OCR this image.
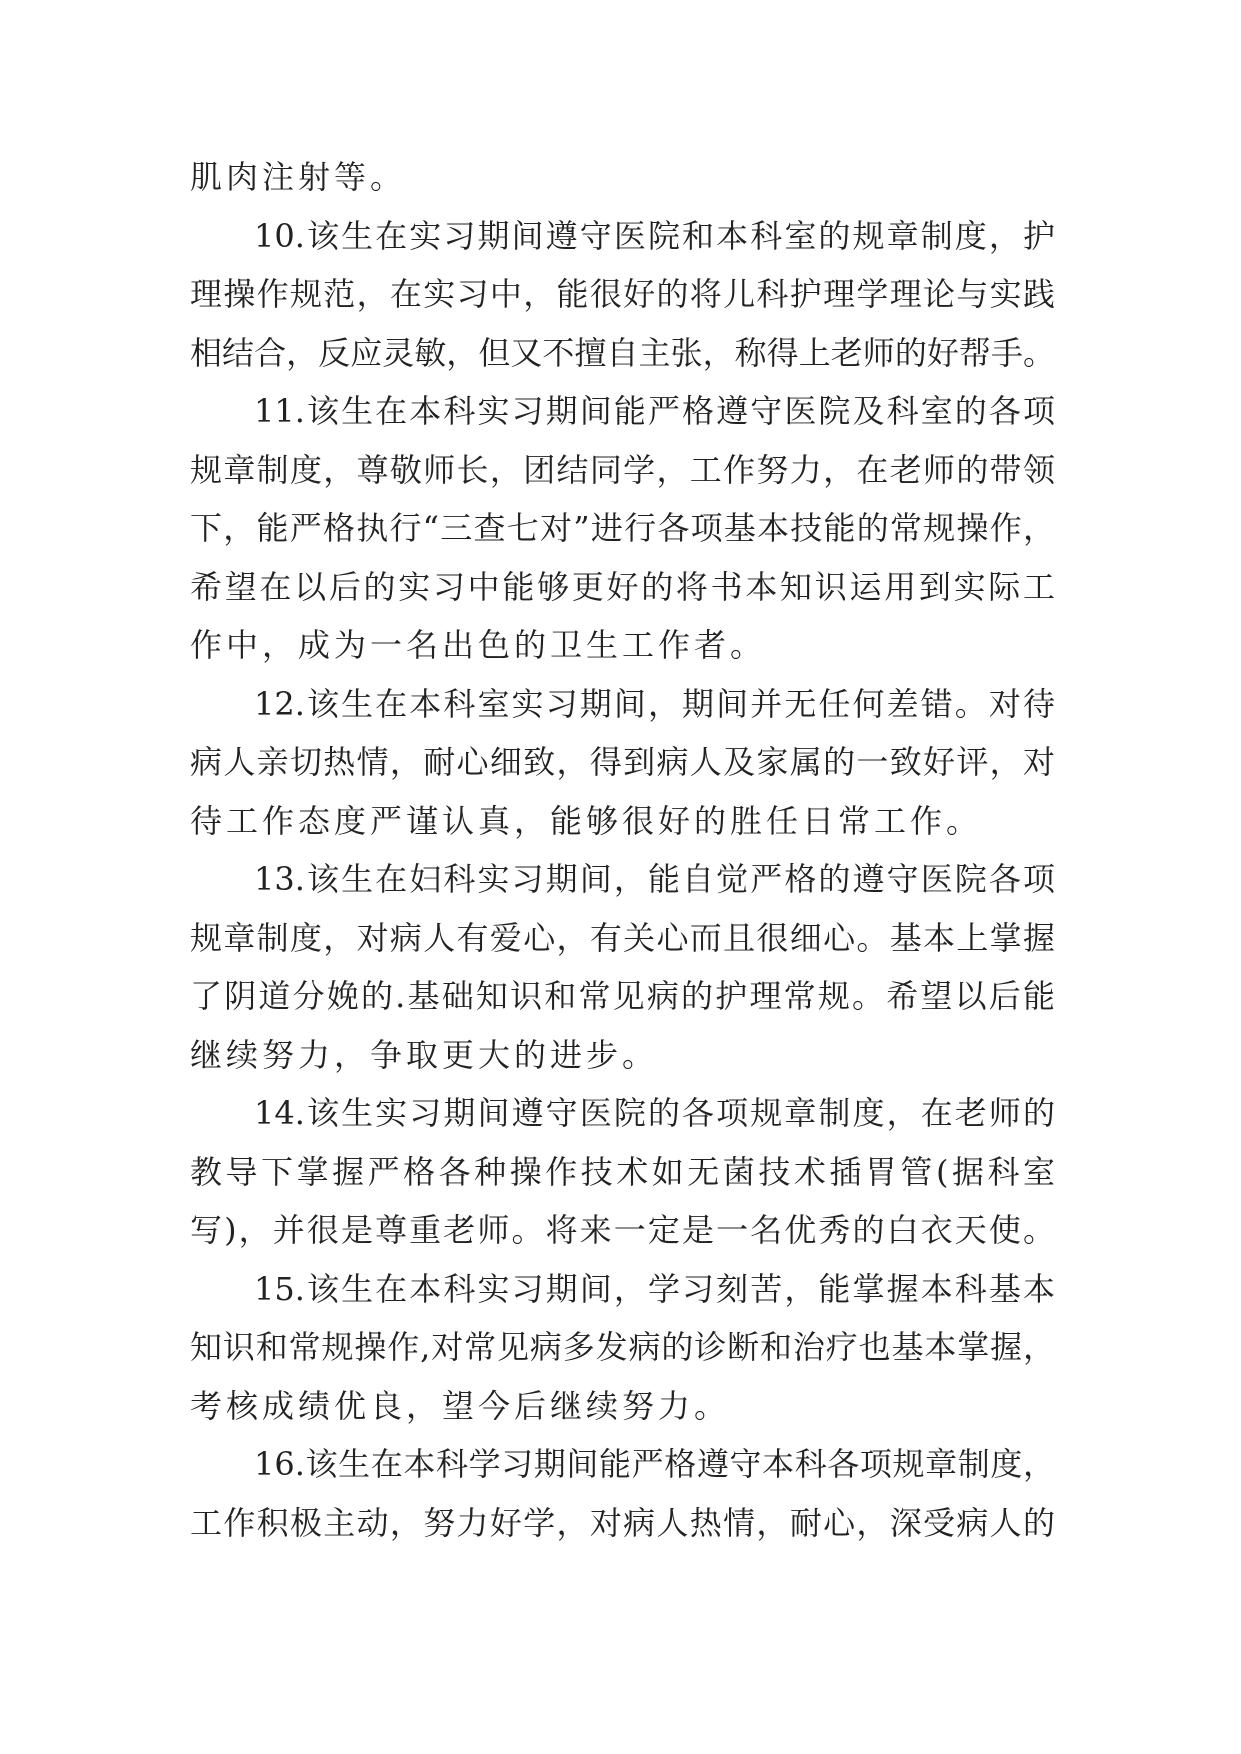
肌肉注射等。
10.该生在实习期间遵守医院和本科室的规章制度，护
理操作规范，在实习中，能很好的将儿科护理学理论与实践
相结合，反应灵敏，但又不擅自主张，称得上老师的好帮手。
11.该生在本科实习期间能严格遵守医院及科室的各项
规章制度，尊敬师长，团结同学，工作努力，在老师的带领
下，能严格执行“三查七对”进行各项基本技能的常规操作，
希望在以后的实习中能够更好的将书本知识运用到实际工
作中，成为一名出色的卫生工作者。
12.该生在本科室实习期间，期间并无任何差错。对待
病人亲切热情，耐心细致，得到病人及家属的一致好评，对
待工作态度严谨认真，能够很好的胜任日常工作。
13.该生在妇科实习期间，能自觉严格的遵守医院各项
规章制度，对病人有爱心，有关心而且很细心。基本上掌握
了阴道分娩的.基础知识和常见病的护理常规。希望以后能
继续努力，争取更大的进步。
14.该生实习期间遵守医院的各项规章制度，在老师的
教导下掌握严格各种操作技术如无菌技术插胃管(据科室
写)，并很是尊重老师。将来一定是一名优秀的白衣天使。
15.该生在本科实习期间，学习刻苦，能掌握本科基本
知识和常规操作,对常见病多发病的诊断和治疗也基本掌握，
考核成绩优良，望今后继续努力。
16.该生在本科学习期间能严格遵守本科各项规章制度，
工作积极主动，努力好学，对病人热情，耐心，深受病人的
